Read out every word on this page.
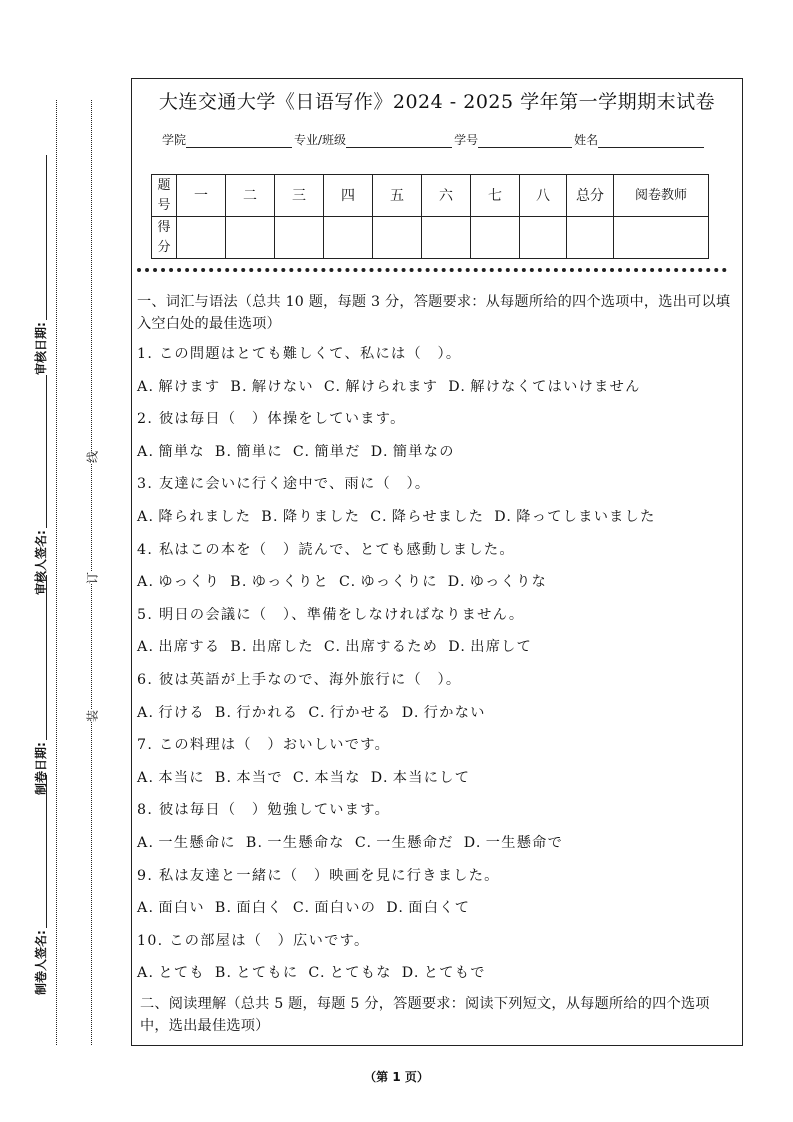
审核日期:
审核人签名:
制卷日期:
制卷人签名:
线
订
装
大连交通大学《日语写作》2024 - 2025 学年第一学期期末试卷
学院	专业/班级	学号	姓名
题号	一	二	三	四	五	六	七	八	总分	阅卷教师
得分										
一、词汇与语法（总共 10 题，每题 3 分，答题要求：从每题所给的四个选项中，选出可以填入空白处的最佳选项）
1. この問題はとても難しくて、私には（　）。
A. 解けます B. 解けない C. 解けられます D. 解けなくてはいけません
2. 彼は毎日（　）体操をしています。
A. 簡単な B. 簡単に C. 簡単だ D. 簡単なの
3. 友達に会いに行く途中で、雨に（　）。
A. 降られました B. 降りました C. 降らせました D. 降ってしまいました
4. 私はこの本を（　）読んで、とても感動しました。
A. ゆっくり B. ゆっくりと C. ゆっくりに D. ゆっくりな
5. 明日の会議に（　）、準備をしなければなりません。
A. 出席する B. 出席した C. 出席するため D. 出席して
6. 彼は英語が上手なので、海外旅行に（　）。
A. 行ける B. 行かれる C. 行かせる D. 行かない
7. この料理は（　）おいしいです。
A. 本当に B. 本当で C. 本当な D. 本当にして
8. 彼は毎日（　）勉強しています。
A. 一生懸命に B. 一生懸命な C. 一生懸命だ D. 一生懸命で
9. 私は友達と一緒に（　）映画を見に行きました。
A. 面白い B. 面白く C. 面白いの D. 面白くて
10. この部屋は（　）広いです。
A. とても B. とてもに C. とてもな D. とてもで
二、阅读理解（总共 5 题，每题 5 分，答题要求：阅读下列短文，从每题所给的四个选项中，选出最佳选项）
（第 1 页）
